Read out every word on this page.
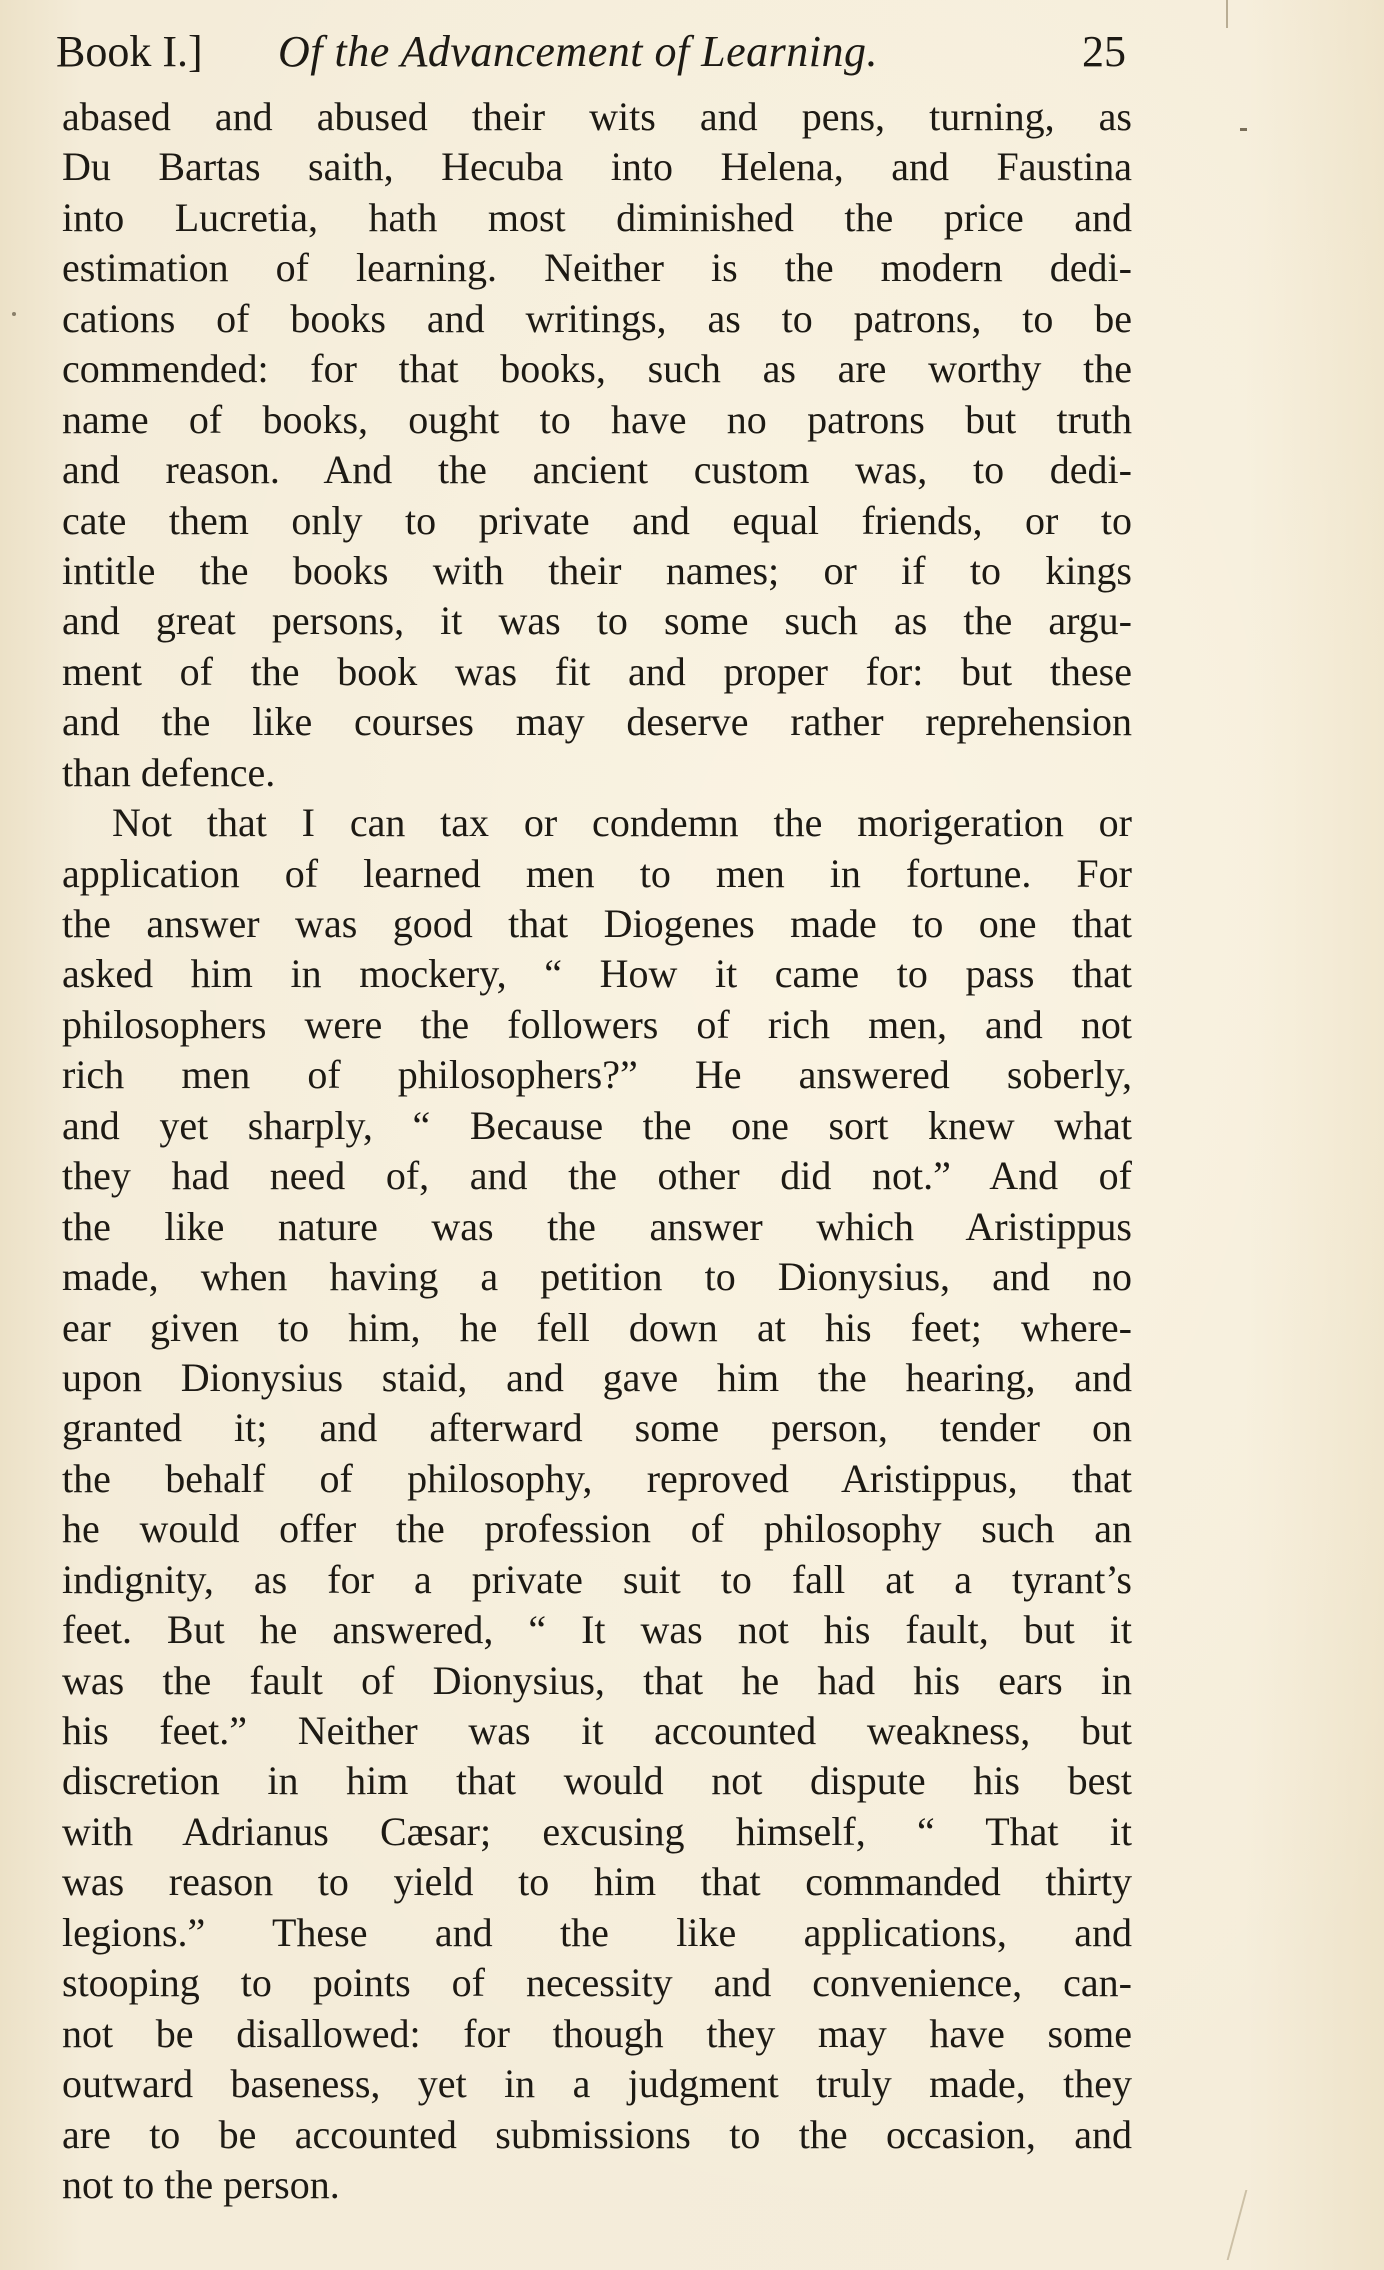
Book I.] Of the Advancement of Learning.	25
abased and abused their wits and pens, turning, as
Du Bartas saith, Hecuba into Helena, and Faustina
into Lucretia, hath most diminished the price and
estimation of learning. Neither is the modern dedi-
cations of books and writings, as to patrons, to be
commended: for that books, such as are worthy the
name of books, ought to have no patrons but truth
and reason. And the ancient custom was, to dedi-
cate them only to private and equal friends, or to
intitle the books with their names; or if to kings
and great persons, it was to some such as the argu-
ment of the book was fit and proper for: but these
and the like courses may deserve rather reprehension
than defence.
Not that I can tax or condemn the morigeration or
application of learned men to men in fortune. For
the answer was good that Diogenes made to one that
asked him in mockery, “ How it came to pass that
philosophers were the followers of rich men, and not
rich men of philosophers?” He answered soberly,
and yet sharply, “ Because the one sort knew what
they had need of, and the other did not.” And of
the like nature was the answer which Aristippus
made, when having a petition to Dionysius, and no
ear given to him, he fell down at his feet; where-
upon Dionysius staid, and gave him the hearing, and
granted it; and afterward some person, tender on
the behalf of philosophy, reproved Aristippus, that
he would offer the profession of philosophy such an
indignity, as for a private suit to fall at a tyrant’s
feet. But he answered, “ It was not his fault, but it
was the fault of Dionysius, that he had his ears in
his feet.” Neither was it accounted weakness, but
discretion in him that would not dispute his best
with Adrianus Cæsar; excusing himself, “ That it
was reason to yield to him that commanded thirty
legions.” These and the like applications, and
stooping to points of necessity and convenience, can-
not be disallowed: for though they may have some
outward baseness, yet in a judgment truly made, they
are to be accounted submissions to the occasion, and
not to the person.
